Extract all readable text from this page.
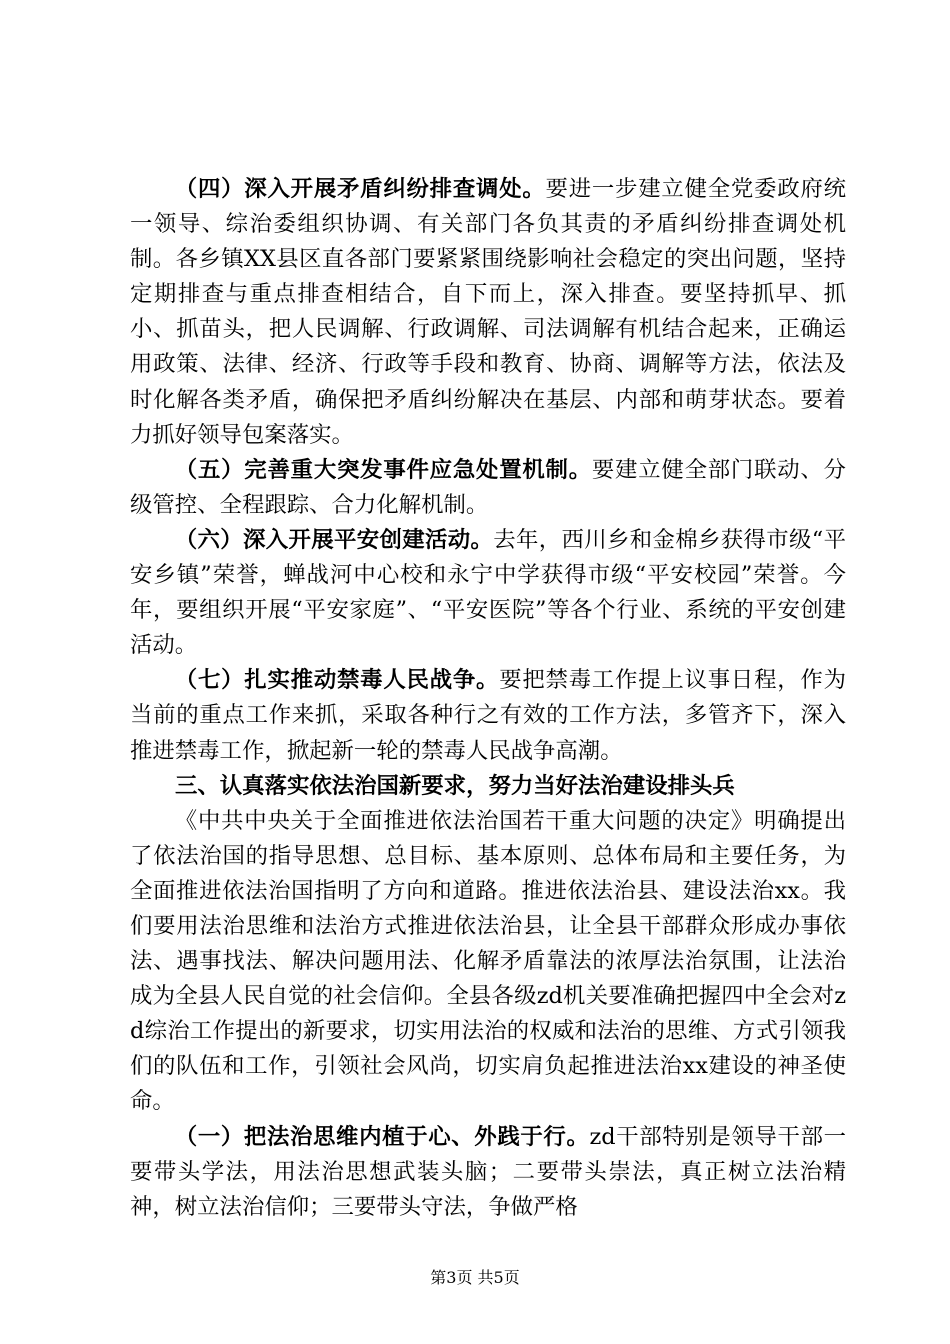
（四）深入开展矛盾纠纷排查调处。要进一步建立健全党委政府统一领导、综治委组织协调、有关部门各负其责的矛盾纠纷排查调处机制。各乡镇XX县区直各部门要紧紧围绕影响社会稳定的突出问题，坚持定期排查与重点排查相结合，自下而上，深入排查。要坚持抓早、抓小、抓苗头，把人民调解、行政调解、司法调解有机结合起来，正确运用政策、法律、经济、行政等手段和教育、协商、调解等方法，依法及时化解各类矛盾，确保把矛盾纠纷解决在基层、内部和萌芽状态。要着力抓好领导包案落实。

（五）完善重大突发事件应急处置机制。要建立健全部门联动、分级管控、全程跟踪、合力化解机制。

（六）深入开展平安创建活动。去年，西川乡和金棉乡获得市级“平安乡镇”荣誉，蝉战河中心校和永宁中学获得市级“平安校园”荣誉。今年，要组织开展“平安家庭”、“平安医院”等各个行业、系统的平安创建活动。

（七）扎实推动禁毒人民战争。要把禁毒工作提上议事日程，作为当前的重点工作来抓，采取各种行之有效的工作方法，多管齐下，深入推进禁毒工作，掀起新一轮的禁毒人民战争高潮。

三、认真落实依法治国新要求，努力当好法治建设排头兵

《中共中央关于全面推进依法治国若干重大问题的决定》明确提出了依法治国的指导思想、总目标、基本原则、总体布局和主要任务，为全面推进依法治国指明了方向和道路。推进依法治县、建设法治xx。我们要用法治思维和法治方式推进依法治县，让全县干部群众形成办事依法、遇事找法、解决问题用法、化解矛盾靠法的浓厚法治氛围，让法治成为全县人民自觉的社会信仰。全县各级zd机关要准确把握四中全会对zd综治工作提出的新要求，切实用法治的权威和法治的思维、方式引领我们的队伍和工作，引领社会风尚，切实肩负起推进法治xx建设的神圣使命。

（一）把法治思维内植于心、外践于行。zd干部特别是领导干部一要带头学法，用法治思想武装头脑；二要带头崇法，真正树立法治精神，树立法治信仰；三要带头守法，争做严格

第3页 共5页
